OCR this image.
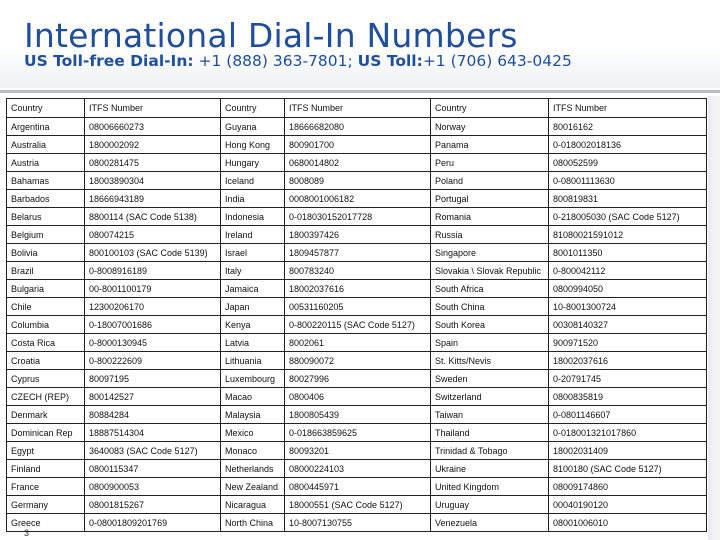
International Dial-In Numbers
US Toll-free Dial-In: +1 (888) 363-7801; US Toll:+1 (706) 643-0425
Country	ITFS Number	Country	ITFS Number	Country	ITFS Number
Argentina	08006660273	Guyana	18666682080	Norway	80016162
Australia	1800002092	Hong Kong	800901700	Panama	0-018002018136
Austria	0800281475	Hungary	0680014802	Peru	080052599
Bahamas	18003890304	Iceland	8008089	Poland	0-08001113630
Barbados	18666943189	India	0008001006182	Portugal	800819831
Belarus	8800114 (SAC Code 5138)	Indonesia	0-018030152017728	Romania	0-218005030 (SAC Code 5127)
Belgium	080074215	Ireland	1800397426	Russia	81080021591012
Bolivia	800100103 (SAC Code 5139)	Israel	1809457877	Singapore	8001011350
Brazil	0-8008916189	Italy	800783240	Slovakia \ Slovak Republic	0-800042112
Bulgaria	00-8001100179	Jamaica	18002037616	South Africa	0800994050
Chile	12300206170	Japan	00531160205	South China	10-8001300724
Columbia	0-18007001686	Kenya	0-800220115 (SAC Code 5127)	South Korea	00308140327
Costa Rica	0-8000130945	Latvia	8002061	Spain	900971520
Croatia	0-800222609	Lithuania	880090072	St. Kitts/Nevis	18002037616
Cyprus	80097195	Luxembourg	80027996	Sweden	0-20791745
CZECH (REP)	800142527	Macao	0800406	Switzerland	0800835819
Denmark	80884284	Malaysia	1800805439	Taiwan	0-0801146607
Dominican Rep	18887514304	Mexico	0-018663859625	Thailand	0-018001321017860
Egypt	3640083 (SAC Code 5127)	Monaco	80093201	Trinidad & Tobago	18002031409
Finland	0800115347	Netherlands	08000224103	Ukraine	8100180 (SAC Code 5127)
France	0800900053	New Zealand	0800445971	United Kingdom	08009174860
Germany	08001815267	Nicaragua	18000551 (SAC Code 5127)	Uruguay	00040190120
Greece	0-08001809201769	North China	10-8007130755	Venezuela	08001006010
3
